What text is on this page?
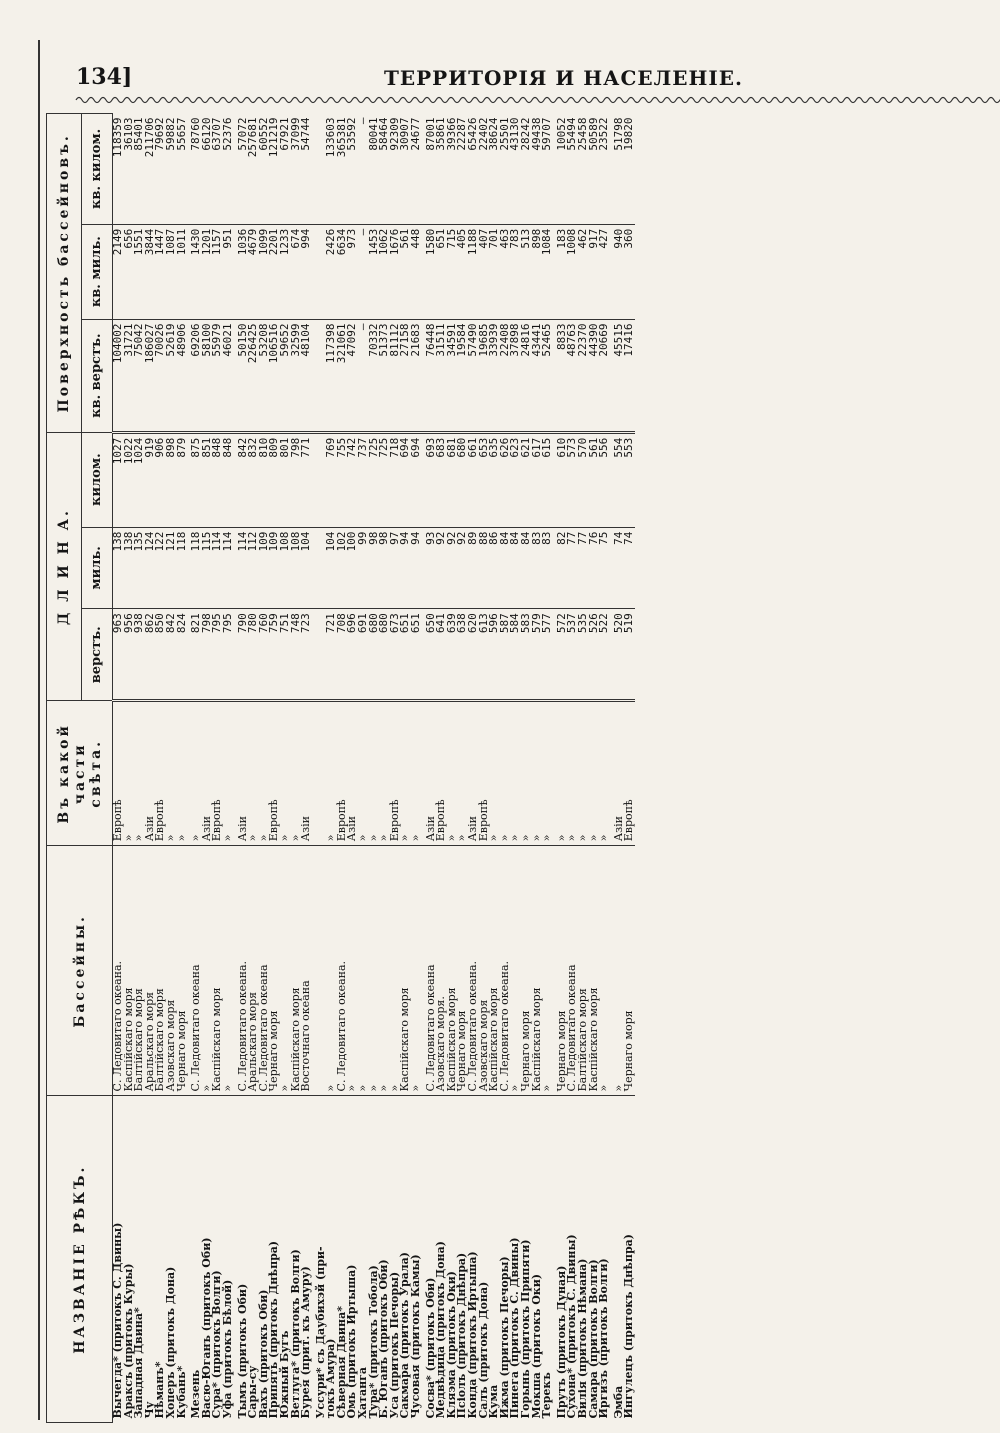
134]	ТЕРРИТОРІЯ И НАСЕЛЕНІЕ.
НАЗВАНІЕ РѢКЪ.	Бассейны.	Въ какой части свѣта.	Д Л И Н А.			Поверхность бассейновъ.		
			верстъ.	миль.	килом.	кв. верстъ.	кв. миль.	кв. килом.
Вычегда* (притокъ С. Двины)	С. Ледовитаго океана.	Европѣ	963	138	1027	104002	2149	118359
Араксъ (притокъ Куры)	Каспійскаго моря	»	956	138	1022	31721	656	36103
Западная Двина*	Балтійскаго моря	»	938	135	1024	75042	1551	85401
Чу	Аральскаго моря	Азіи	862	124	919	186027	3844	211706
Нѣманъ*	Балтійскаго моря	Европѣ	850	122	906	70026	1447	79692
Хоперъ (притокъ Дона)	Азовскаго моря	»	842	121	898	52619	1087	59882
Кубань*	Чернаго моря	»	824	118	879	48906	1011	55657

Мезень	С. Ледовитаго океана	»	821	118	875	69206	1430	78760
Васю-Юганъ (притокъ Оби)	»	Азіи	798	115	851	58100	1201	66120
Сура* (притокъ Волги)	Каспійскаго моря	Европѣ	795	114	848	55979	1157	63707
Уфа (притокъ Бѣлой)	»	»	795	114	848	46021	951	52376

Тымъ (притокъ Оби)	С. Ледовитаго океана.	Азіи	790	114	842	50150	1036	57072
Сары-су	Аральскаго моря	»	780	112	832	226425	4679	257681
Вахъ (притокъ Оби)	С. Ледовитаго океана	»	760	109	810	53208	1099	60552
Припять (притокъ Днѣпра)	Чернаго моря	Европѣ	759	109	809	106516	2201	121219
Южный Бугъ	»	»	751	108	801	59652	1233	67921
Ветлуга* (притокъ Волги)	Каспійскаго моря	»	748	108	798	32599	674	37099
Бурея (прит. къ Амуру)	Восточнаго океана	Азіи	723	104	771	48104	994	54744

Уссури* съ Даубихэй (при-								
токъ Амура)	»	»	721	104	769	117398	2426	133603
Сѣверная Двина*	С. Ледовитаго океана.	Европѣ	708	102	755	321061	6634	365381
Омь (притокъ Иртыша)	»	Азіи	696	100	742	47092	973	53592
Хатанга	»	»	691	99	737	—	—	—
Тура* (притокъ Тобола)	»	»	680	98	725	70332	1453	80041
Б. Юганъ (притокъ Оби)	»	»	680	98	725	51373	1062	58464
Уса (притокъ Печоры)	»	Европѣ	673	97	718	81112	1676	92309
Сакмара (притокъ Урала)	Каспійскаго моря	»	651	94	694	27158	561	30907
Чусовая (притокъ Камы)	»	»	651	94	694	21683	448	24677

Сосва* (притокъ Оби)	С. Ледовитаго океана	Азіи	650	93	693	76448	1580	87001
Медвѣдица (притокъ Дона)	Азовскаго моря.	Европѣ	641	92	683	31511	651	35861
Кляэма (притокъ Оки)	Каспійскаго моря	»	639	92	681	34591	715	39366
Псіолъ (притокъ Днѣпра)	Чернаго моря	»	638	92	680	19584	405	22287
Конда (притокъ Иртыша)	С. Ледовитаго океана.	Азіи	620	89	661	57490	1188	65426
Салъ (притокъ Дона)	Азовскаго моря	Европѣ	613	88	653	19685	407	22402
Кума	Каспійскаго моря	»	596	86	635	33939	701	38624
Ижма (притокъ Печоры)	С. Ледовитаго океана.	»	587	84	626	22408	463	25501
Пинега (притокъ С. Двины)	»	»	584	84	623	37898	783	43130
Горынь (притокъ Припяти)	Чернаго моря	»	583	84	621	24816	513	28242
Мокша (притокъ Оки)	Каспійскаго моря	»	579	83	617	43441	898	49438
Терекъ	»	»	577	83	615	52465	1084	59707

Прутъ (притокъ Дуная)	Чернаго моря	»	572	82	610	8833	183	10052
Сухона* (притокъ С. Двины)	С. Ледовитаго океана	»	537	77	573	48763	1008	55494
Вилія (притокъ Нѣмана)	Балтійскаго моря	»	535	77	570	22370	462	25458
Самара (притокъ Волги)	Каспійскаго моря	»	526	76	561	44390	917	50589
Иргизъ (притокъ Волги)	»	»	522	75	556	20669	427	23522

Эмба	»	Азіи	520	74	554	45515	940	51798
Ингулецъ (притокъ Днѣпра)	Чернаго моря	Европѣ	519	74	553	17416	360	19820
